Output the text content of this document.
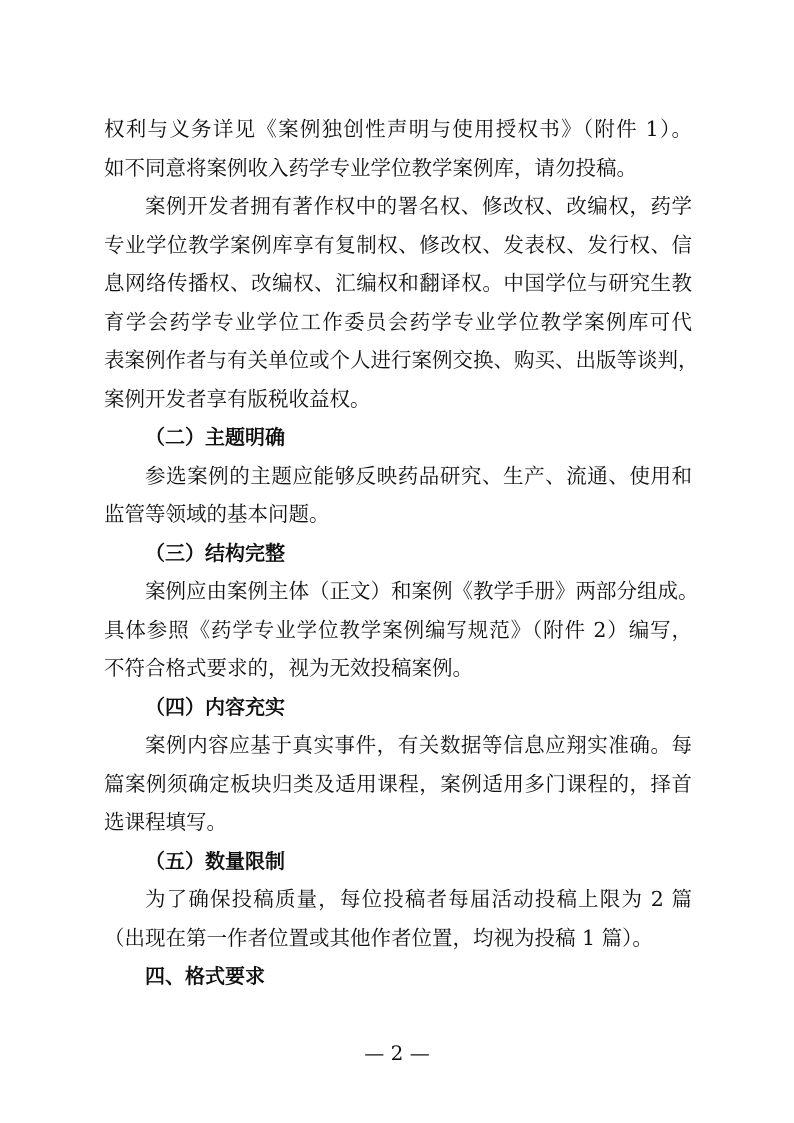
权利与义务详见《案例独创性声明与使用授权书》（附件 1）。
如不同意将案例收入药学专业学位教学案例库，请勿投稿。
案例开发者拥有著作权中的署名权、修改权、改编权，药学
专业学位教学案例库享有复制权、修改权、发表权、发行权、信
息网络传播权、改编权、汇编权和翻译权。中国学位与研究生教
育学会药学专业学位工作委员会药学专业学位教学案例库可代
表案例作者与有关单位或个人进行案例交换、购买、出版等谈判，
案例开发者享有版税收益权。
（二）主题明确
参选案例的主题应能够反映药品研究、生产、流通、使用和
监管等领域的基本问题。
（三）结构完整
案例应由案例主体（正文）和案例《教学手册》两部分组成。
具体参照《药学专业学位教学案例编写规范》（附件 2）编写，
不符合格式要求的，视为无效投稿案例。
（四）内容充实
案例内容应基于真实事件，有关数据等信息应翔实准确。每
篇案例须确定板块归类及适用课程，案例适用多门课程的，择首
选课程填写。
（五）数量限制
为了确保投稿质量，每位投稿者每届活动投稿上限为 2 篇
（出现在第一作者位置或其他作者位置，均视为投稿 1 篇）。
四、格式要求
— 2 —
